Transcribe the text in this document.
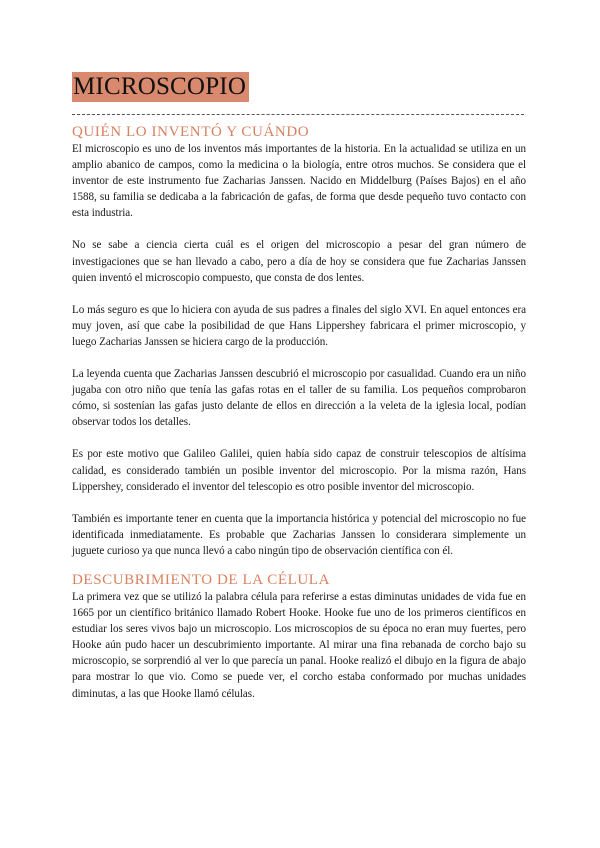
MICROSCOPIO
QUIÉN LO INVENTÓ Y CUÁNDO

El microscopio es uno de los inventos más importantes de la historia. En la actualidad se utiliza en un amplio abanico de campos, como la medicina o la biología, entre otros muchos. Se considera que el inventor de este instrumento fue Zacharias Janssen. Nacido en Middelburg (Países Bajos) en el año 1588, su familia se dedicaba a la fabricación de gafas, de forma que desde pequeño tuvo contacto con esta industria.

No se sabe a ciencia cierta cuál es el origen del microscopio a pesar del gran número de investigaciones que se han llevado a cabo, pero a día de hoy se considera que fue Zacharias Janssen quien inventó el microscopio compuesto, que consta de dos lentes.

Lo más seguro es que lo hiciera con ayuda de sus padres a finales del siglo XVI. En aquel entonces era muy joven, así que cabe la posibilidad de que Hans Lippershey fabricara el primer microscopio, y luego Zacharias Janssen se hiciera cargo de la producción.

La leyenda cuenta que Zacharias Janssen descubrió el microscopio por casualidad. Cuando era un niño jugaba con otro niño que tenía las gafas rotas en el taller de su familia. Los pequeños comprobaron cómo, si sostenían las gafas justo delante de ellos en dirección a la veleta de la iglesia local, podían observar todos los detalles.

Es por este motivo que Galileo Galilei, quien había sido capaz de construir telescopios de altísima calidad, es considerado también un posible inventor del microscopio. Por la misma razón, Hans Lippershey, considerado el inventor del telescopio es otro posible inventor del microscopio.

También es importante tener en cuenta que la importancia histórica y potencial del microscopio no fue identificada inmediatamente. Es probable que Zacharias Janssen lo considerara simplemente un juguete curioso ya que nunca llevó a cabo ningún tipo de observación científica con él.

DESCUBRIMIENTO DE LA CÉLULA

La primera vez que se utilizó la palabra célula para referirse a estas diminutas unidades de vida fue en 1665 por un científico británico llamado Robert Hooke. Hooke fue uno de los primeros científicos en estudiar los seres vivos bajo un microscopio. Los microscopios de su época no eran muy fuertes, pero Hooke aún pudo hacer un descubrimiento importante. Al mirar una fina rebanada de corcho bajo su microscopio, se sorprendió al ver lo que parecía un panal. Hooke realizó el dibujo en la figura de abajo para mostrar lo que vio. Como se puede ver, el corcho estaba conformado por muchas unidades diminutas, a las que Hooke llamó células.
